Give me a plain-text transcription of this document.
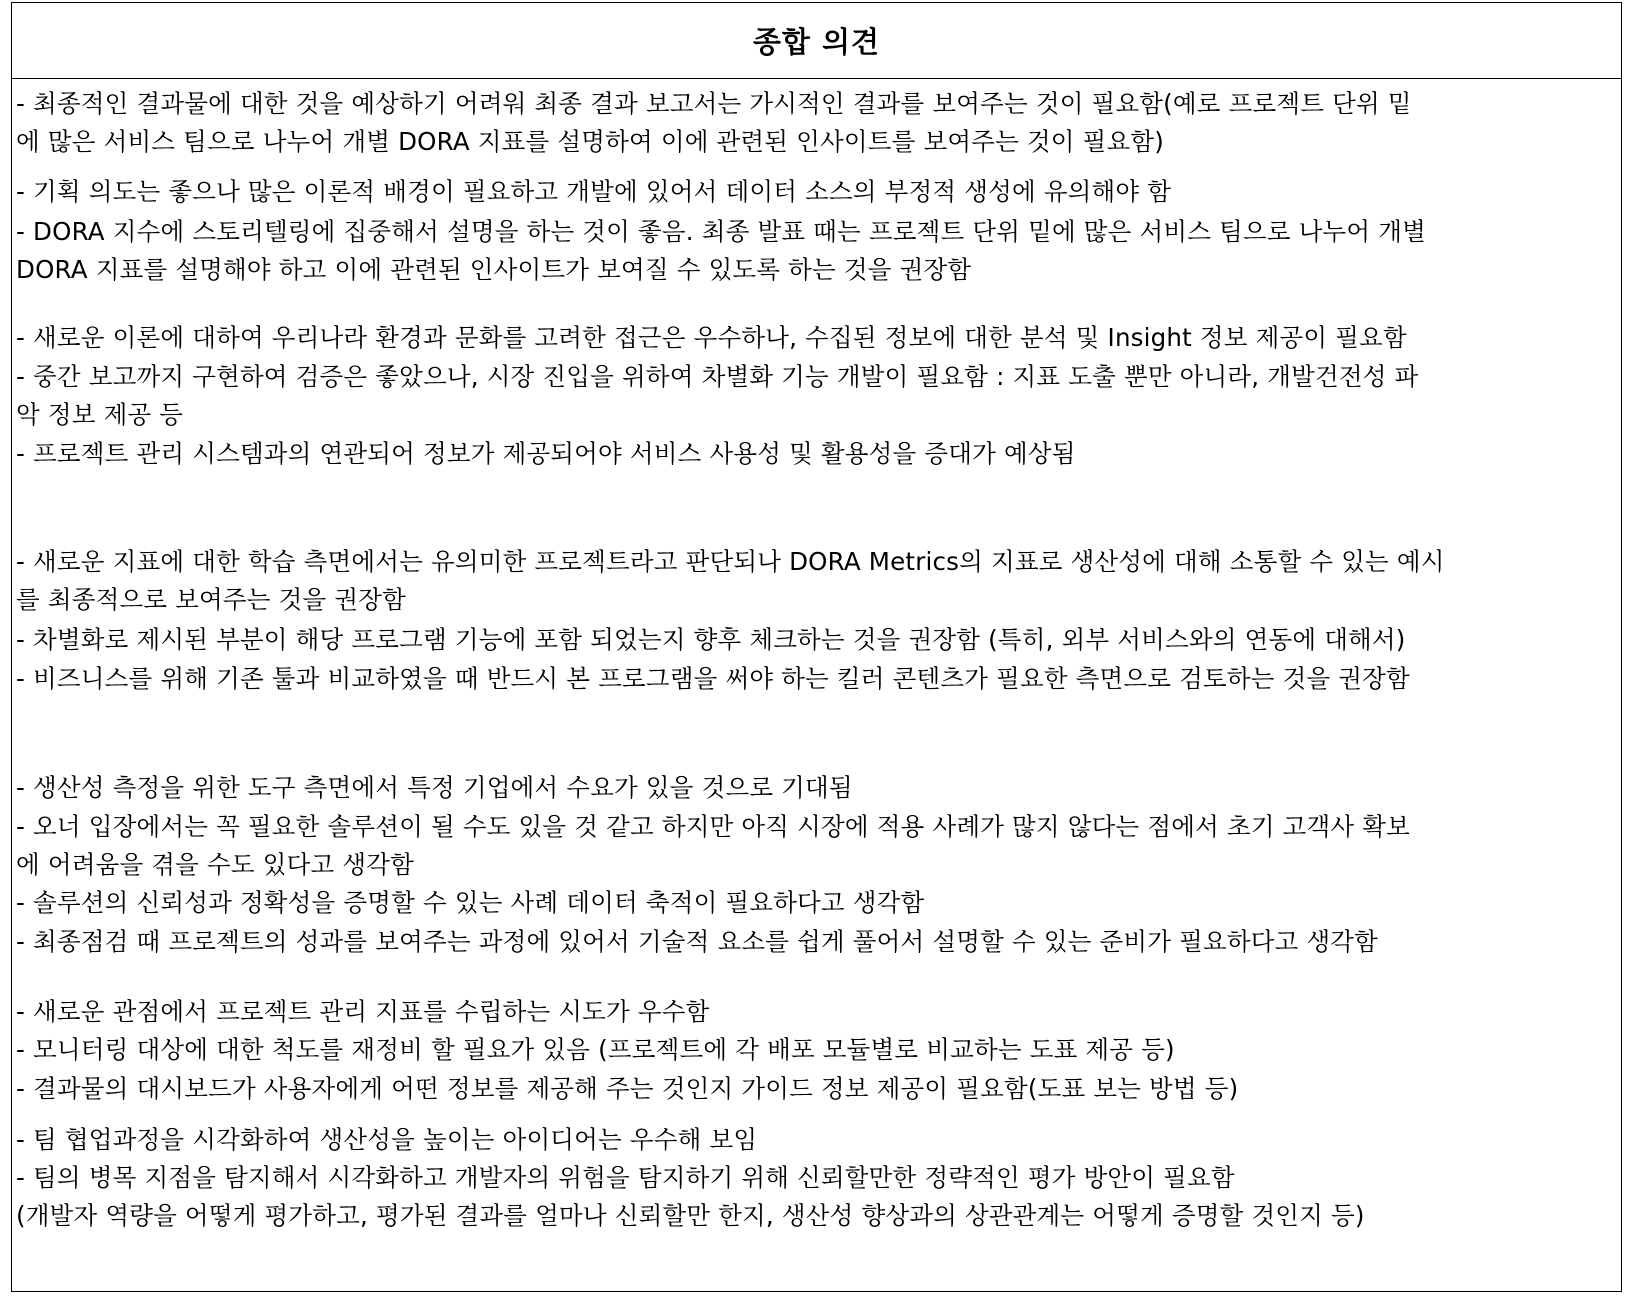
종합 의견
- 최종적인 결과물에 대한 것을 예상하기 어려워 최종 결과 보고서는 가시적인 결과를 보여주는 것이 필요함(예로 프로젝트 단위 밑
에 많은 서비스 팀으로 나누어 개별 DORA 지표를 설명하여 이에 관련된 인사이트를 보여주는 것이 필요함)
- 기획 의도는 좋으나 많은 이론적 배경이 필요하고 개발에 있어서 데이터 소스의 부정적 생성에 유의해야 함
- DORA 지수에 스토리텔링에 집중해서 설명을 하는 것이 좋음. 최종 발표 때는 프로젝트 단위 밑에 많은 서비스 팀으로 나누어 개별
DORA 지표를 설명해야 하고 이에 관련된 인사이트가 보여질 수 있도록 하는 것을 권장함
- 새로운 이론에 대하여 우리나라 환경과 문화를 고려한 접근은 우수하나, 수집된 정보에 대한 분석 및 Insight 정보 제공이 필요함
- 중간 보고까지 구현하여 검증은 좋았으나, 시장 진입을 위하여 차별화 기능 개발이 필요함 : 지표 도출 뿐만 아니라, 개발건전성 파
악 정보 제공 등
- 프로젝트 관리 시스템과의 연관되어 정보가 제공되어야 서비스 사용성 및 활용성을 증대가 예상됨
- 새로운 지표에 대한 학습 측면에서는 유의미한 프로젝트라고 판단되나 DORA Metrics의 지표로 생산성에 대해 소통할 수 있는 예시
를 최종적으로 보여주는 것을 권장함
- 차별화로 제시된 부분이 해당 프로그램 기능에 포함 되었는지 향후 체크하는 것을 권장함 (특히, 외부 서비스와의 연동에 대해서)
- 비즈니스를 위해 기존 툴과 비교하였을 때 반드시 본 프로그램을 써야 하는 킬러 콘텐츠가 필요한 측면으로 검토하는 것을 권장함
- 생산성 측정을 위한 도구 측면에서 특정 기업에서 수요가 있을 것으로 기대됨
- 오너 입장에서는 꼭 필요한 솔루션이 될 수도 있을 것 같고 하지만 아직 시장에 적용 사례가 많지 않다는 점에서 초기 고객사 확보
에 어려움을 겪을 수도 있다고 생각함
- 솔루션의 신뢰성과 정확성을 증명할 수 있는 사례 데이터 축적이 필요하다고 생각함
- 최종점검 때 프로젝트의 성과를 보여주는 과정에 있어서 기술적 요소를 쉽게 풀어서 설명할 수 있는 준비가 필요하다고 생각함
- 새로운 관점에서 프로젝트 관리 지표를 수립하는 시도가 우수함
- 모니터링 대상에 대한 척도를 재정비 할 필요가 있음 (프로젝트에 각 배포 모듈별로 비교하는 도표 제공 등)
- 결과물의 대시보드가 사용자에게 어떤 정보를 제공해 주는 것인지 가이드 정보 제공이 필요함(도표 보는 방법 등)
- 팀 협업과정을 시각화하여 생산성을 높이는 아이디어는 우수해 보임
- 팀의 병목 지점을 탐지해서 시각화하고 개발자의 위험을 탐지하기 위해 신뢰할만한 정략적인 평가 방안이 필요함
(개발자 역량을 어떻게 평가하고, 평가된 결과를 얼마나 신뢰할만 한지, 생산성 향상과의 상관관계는 어떻게 증명할 것인지 등)
